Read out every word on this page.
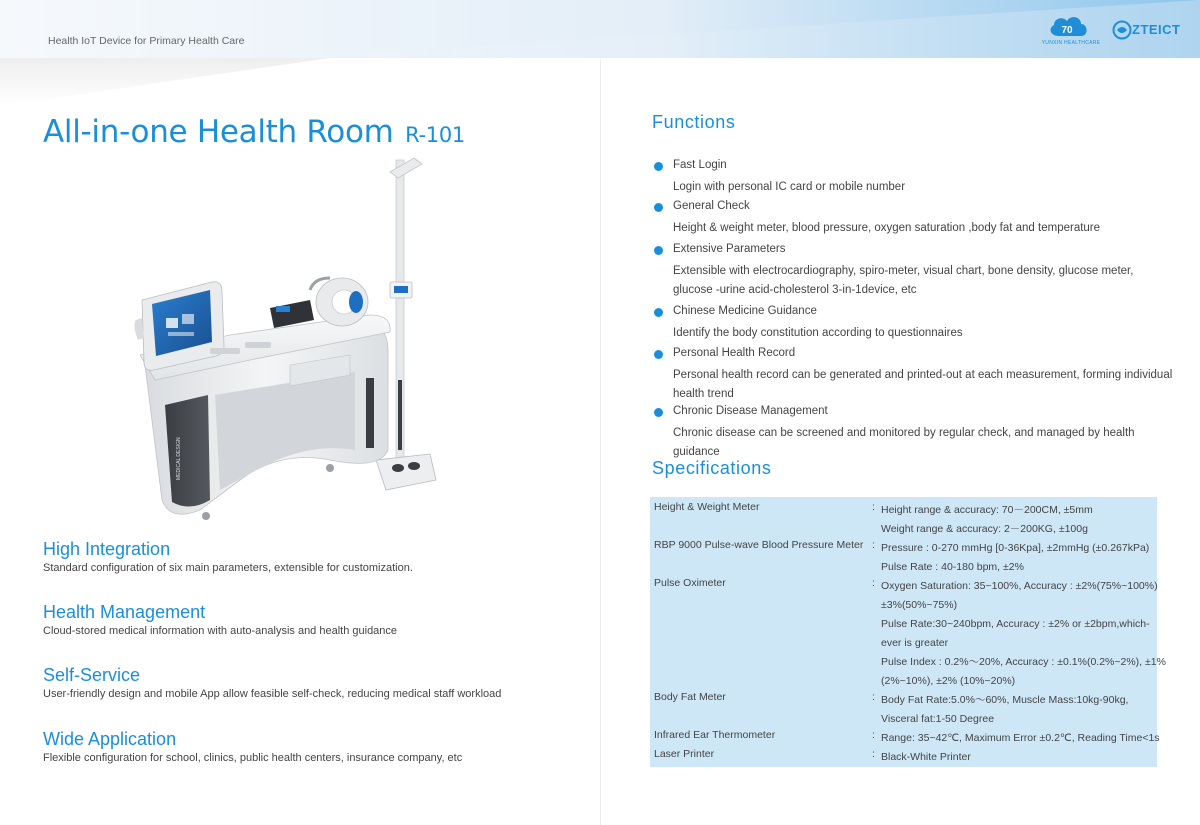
Health IoT Device for Primary Health Care
70
YUNXIN HEALTHCARE
ZTEICT
All-in-one Health Room R-101
MEDICAL DESIGN
High Integration
Standard configuration of six main parameters, extensible for customization.
Health Management
Cloud-stored medical information with auto-analysis and health guidance
Self-Service
User-friendly design and mobile App allow feasible self-check, reducing medical staff workload
Wide Application
Flexible configuration for school, clinics, public health centers, insurance company, etc
Functions
Fast Login
Login with personal IC card or mobile number
General Check
Height & weight meter, blood pressure, oxygen saturation ,body fat and temperature
Extensive Parameters
Extensible with electrocardiography, spiro-meter, visual chart, bone density, glucose meter, glucose -urine acid-cholesterol 3-in-1device, etc
Chinese Medicine Guidance
Identify the body constitution according to questionnaires
Personal Health Record
Personal health record can be generated and printed-out at each measurement, forming individual health trend
Chronic Disease Management
Chronic disease can be screened and monitored by regular check, and managed by health guidance
Specifications
Height & Weight Meter	: Height range & accuracy: 70－200CM, ±5mm
Weight range & accuracy: 2－200KG, ±100g
RBP 9000 Pulse-wave Blood Pressure Meter : Pressure : 0-270 mmHg [0-36Kpa], ±2mmHg (±0.267kPa)
Pulse Rate : 40-180 bpm, ±2%
Pulse Oximeter	: Oxygen Saturation: 35~100%, Accuracy : ±2%(75%~100%)
±3%(50%~75%)
Pulse Rate:30~240bpm, Accuracy : ±2% or ±2bpm,which-
ever is greater
Pulse Index : 0.2%～20%, Accuracy : ±0.1%(0.2%~2%), ±1%
(2%~10%), ±2% (10%~20%)
Body Fat Meter	: Body Fat Rate:5.0%～60%, Muscle Mass:10kg-90kg,
Visceral fat:1-50 Degree
Infrared Ear Thermometer	: Range: 35~42℃, Maximum Error ±0.2℃, Reading Time<1s
Laser Printer	: Black-White Printer
